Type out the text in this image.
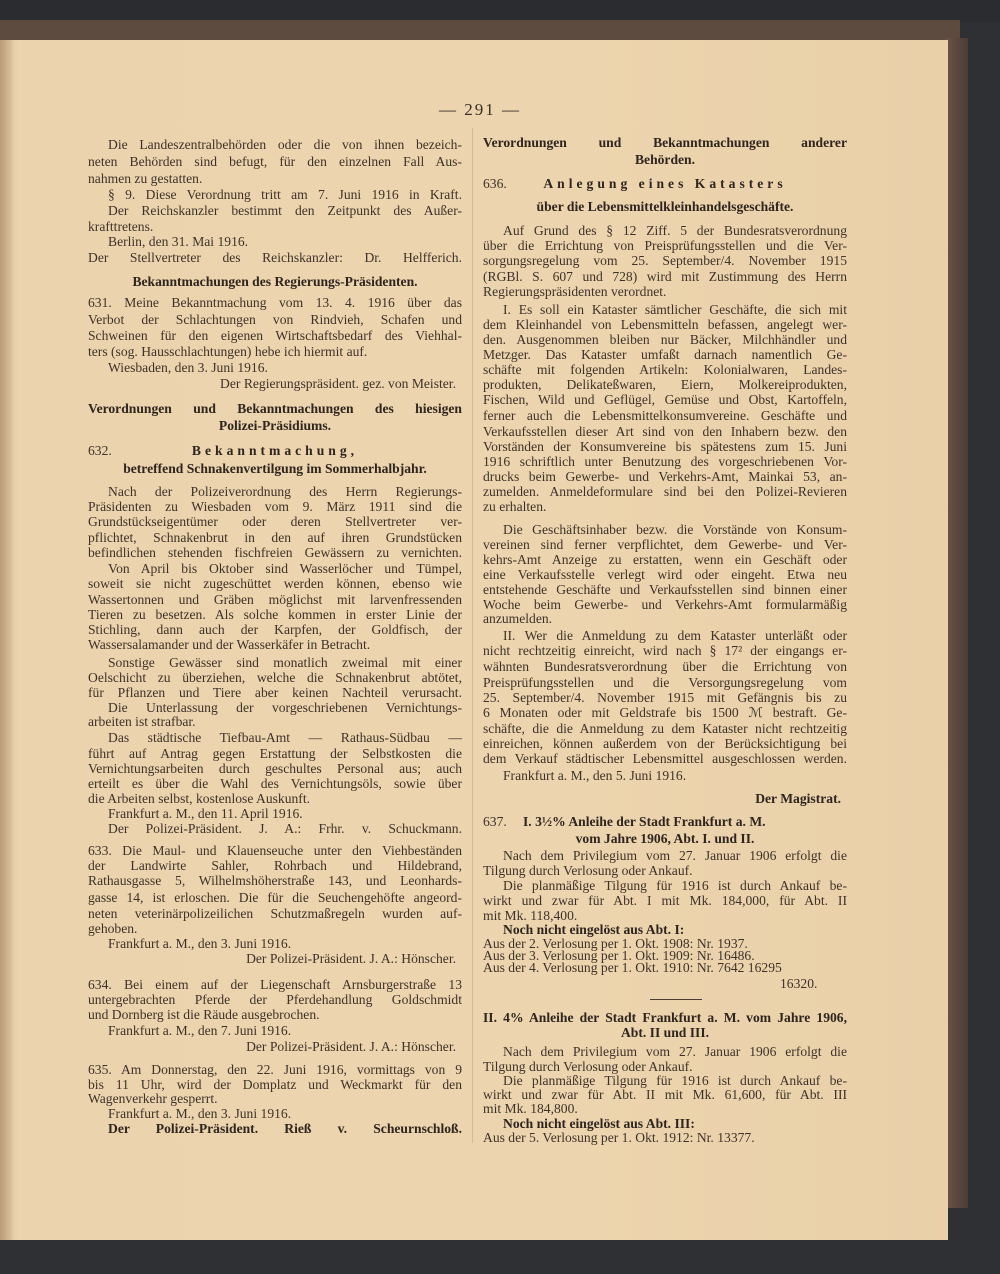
— 291 —
Die Landeszentralbehörden oder die von ihnen bezeich-
neten Behörden sind befugt, für den einzelnen Fall Aus-
nahmen zu gestatten.
§ 9. Diese Verordnung tritt am 7. Juni 1916 in Kraft.
Der Reichskanzler bestimmt den Zeitpunkt des Außer-
krafttretens.
Berlin, den 31. Mai 1916.
Der Stellvertreter des Reichskanzler: Dr. Helfferich.
Bekanntmachungen des Regierungs-Präsidenten.
631. Meine Bekanntmachung vom 13. 4. 1916 über das
Verbot der Schlachtungen von Rindvieh, Schafen und
Schweinen für den eigenen Wirtschaftsbedarf des Viehhal-
ters (sog. Hausschlachtungen) hebe ich hiermit auf.
Wiesbaden, den 3. Juni 1916.
Der Regierungspräsident. gez. von Meister.
Verordnungen und Bekanntmachungen des hiesigen
Polizei-Präsidiums.
632.	Bekanntmachung,
betreffend Schnakenvertilgung im Sommerhalbjahr.
Nach der Polizeiverordnung des Herrn Regierungs-
Präsidenten zu Wiesbaden vom 9. März 1911 sind die
Grundstückseigentümer oder deren Stellvertreter ver-
pflichtet, Schnakenbrut in den auf ihren Grundstücken
befindlichen stehenden fischfreien Gewässern zu vernichten.
Von April bis Oktober sind Wasserlöcher und Tümpel,
soweit sie nicht zugeschüttet werden können, ebenso wie
Wassertonnen und Gräben möglichst mit larvenfressenden
Tieren zu besetzen. Als solche kommen in erster Linie der
Stichling, dann auch der Karpfen, der Goldfisch, der
Wassersalamander und der Wasserkäfer in Betracht.
Sonstige Gewässer sind monatlich zweimal mit einer
Oelschicht zu überziehen, welche die Schnakenbrut abtötet,
für Pflanzen und Tiere aber keinen Nachteil verursacht.
Die Unterlassung der vorgeschriebenen Vernichtungs-
arbeiten ist strafbar.
Das städtische Tiefbau-Amt — Rathaus-Südbau —
führt auf Antrag gegen Erstattung der Selbstkosten die
Vernichtungsarbeiten durch geschultes Personal aus; auch
erteilt es über die Wahl des Vernichtungsöls, sowie über
die Arbeiten selbst, kostenlose Auskunft.
Frankfurt a. M., den 11. April 1916.
Der Polizei-Präsident. J. A.: Frhr. v. Schuckmann.
633. Die Maul- und Klauenseuche unter den Viehbeständen
der Landwirte Sahler, Rohrbach und Hildebrand,
Rathausgasse 5, Wilhelmshöherstraße 143, und Leonhards-
gasse 14, ist erloschen. Die für die Seuchengehöfte angeord-
neten veterinärpolizeilichen Schutzmaßregeln wurden auf-
gehoben.
Frankfurt a. M., den 3. Juni 1916.
Der Polizei-Präsident. J. A.: Hönscher.
634. Bei einem auf der Liegenschaft Arnsburgerstraße 13
untergebrachten Pferde der Pferdehandlung Goldschmidt
und Dornberg ist die Räude ausgebrochen.
Frankfurt a. M., den 7. Juni 1916.
Der Polizei-Präsident. J. A.: Hönscher.
635. Am Donnerstag, den 22. Juni 1916, vormittags von 9
bis 11 Uhr, wird der Domplatz und Weckmarkt für den
Wagenverkehr gesperrt.
Frankfurt a. M., den 3. Juni 1916.
Der Polizei-Präsident. Rieß v. Scheurnschloß.
Verordnungen und Bekanntmachungen anderer
Behörden.
636.	Anlegung eines Katasters
über die Lebensmittelkleinhandelsgeschäfte.
Auf Grund des § 12 Ziff. 5 der Bundesratsverordnung
über die Errichtung von Preisprüfungsstellen und die Ver-
sorgungsregelung vom 25. September/4. November 1915
(RGBl. S. 607 und 728) wird mit Zustimmung des Herrn
Regierungspräsidenten verordnet.
I. Es soll ein Kataster sämtlicher Geschäfte, die sich mit
dem Kleinhandel von Lebensmitteln befassen, angelegt wer-
den. Ausgenommen bleiben nur Bäcker, Milchhändler und
Metzger. Das Kataster umfaßt darnach namentlich Ge-
schäfte mit folgenden Artikeln: Kolonialwaren, Landes-
produkten, Delikateßwaren, Eiern, Molkereiprodukten,
Fischen, Wild und Geflügel, Gemüse und Obst, Kartoffeln,
ferner auch die Lebensmittelkonsumvereine. Geschäfte und
Verkaufsstellen dieser Art sind von den Inhabern bezw. den
Vorständen der Konsumvereine bis spätestens zum 15. Juni
1916 schriftlich unter Benutzung des vorgeschriebenen Vor-
drucks beim Gewerbe- und Verkehrs-Amt, Mainkai 53, an-
zumelden. Anmeldeformulare sind bei den Polizei-Revieren
zu erhalten.
Die Geschäftsinhaber bezw. die Vorstände von Konsum-
vereinen sind ferner verpflichtet, dem Gewerbe- und Ver-
kehrs-Amt Anzeige zu erstatten, wenn ein Geschäft oder
eine Verkaufsstelle verlegt wird oder eingeht. Etwa neu
entstehende Geschäfte und Verkaufsstellen sind binnen einer
Woche beim Gewerbe- und Verkehrs-Amt formularmäßig
anzumelden.
II. Wer die Anmeldung zu dem Kataster unterläßt oder
nicht rechtzeitig einreicht, wird nach § 17² der eingangs er-
wähnten Bundesratsverordnung über die Errichtung von
Preisprüfungsstellen und die Versorgungsregelung vom
25. September/4. November 1915 mit Gefängnis bis zu
6 Monaten oder mit Geldstrafe bis 1500 ℳ bestraft. Ge-
schäfte, die die Anmeldung zu dem Kataster nicht rechtzeitig
einreichen, können außerdem von der Berücksichtigung bei
dem Verkauf städtischer Lebensmittel ausgeschlossen werden.
Frankfurt a. M., den 5. Juni 1916.
Der Magistrat.
637.	I. 3½% Anleihe der Stadt Frankfurt a. M.
vom Jahre 1906, Abt. I. und II.
Nach dem Privilegium vom 27. Januar 1906 erfolgt die
Tilgung durch Verlosung oder Ankauf.
Die planmäßige Tilgung für 1916 ist durch Ankauf be-
wirkt und zwar für Abt. I mit Mk. 184,000, für Abt. II
mit Mk. 118,400.
Noch nicht eingelöst aus Abt. I:
Aus der 2. Verlosung per 1. Okt. 1908: Nr. 1937.
Aus der 3. Verlosung per 1. Okt. 1909: Nr. 16486.
Aus der 4. Verlosung per 1. Okt. 1910: Nr. 7642 16295
16320.
II. 4% Anleihe der Stadt Frankfurt a. M. vom Jahre 1906,
Abt. II und III.
Nach dem Privilegium vom 27. Januar 1906 erfolgt die
Tilgung durch Verlosung oder Ankauf.
Die planmäßige Tilgung für 1916 ist durch Ankauf be-
wirkt und zwar für Abt. II mit Mk. 61,600, für Abt. III
mit Mk. 184,800.
Noch nicht eingelöst aus Abt. III:
Aus der 5. Verlosung per 1. Okt. 1912: Nr. 13377.
